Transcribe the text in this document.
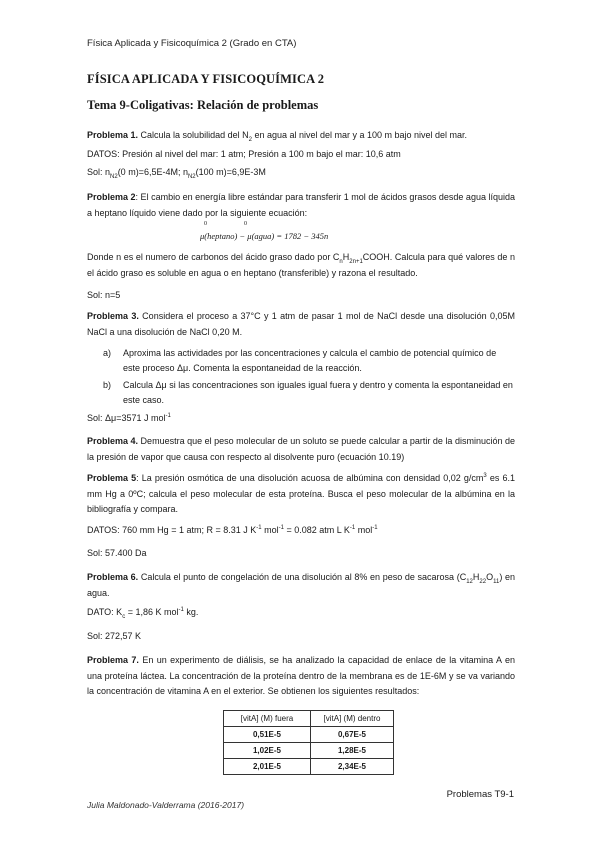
Física Aplicada y Fisicoquímica 2 (Grado en CTA)
FÍSICA APLICADA Y FISICOQUÍMICA 2
Tema 9-Coligativas: Relación de problemas
Problema 1. Calcula la solubilidad del $N_2$ en agua al nivel del mar y a 100 m bajo nivel del mar.
DATOS: Presión al nivel del mar: 1 atm; Presión a 100 m bajo el mar: 10,6 atm
Sol: $n_{N2}(0$ m)=6,5E-4M; $n_{N2}(100$ m)=6,9E-3M
Problema 2: El cambio en energía libre estándar para transferir 1 mol de ácidos grasos desde agua líquida a heptano líquido viene dado por la siguiente ecuación:
0	0
μ(heptano) − μ(agua) = 1782 − 345n
Donde n es el numero de carbonos del ácido graso dado por $C_nH_{2n+1}COOH$. Calcula para qué valores de n el ácido graso es soluble en agua o en heptano (transferible) y razona el resultado.
Sol: n=5
Problema 3. Considera el proceso a 37°C y 1 atm de pasar 1 mol de NaCl desde una disolución 0,05M NaCl a una disolución de NaCl 0,20 M.
a) Aproxima las actividades por las concentraciones y calcula el cambio de potencial químico de este proceso Δμ. Comenta la espontaneidad de la reacción.
b) Calcula Δμ si las concentraciones son iguales igual fuera y dentro y comenta la espontaneidad en este caso.
Sol: Δμ=3571 J mol$^{-1}$
Problema 4. Demuestra que el peso molecular de un soluto se puede calcular a partir de la disminución de la presión de vapor que causa con respecto al disolvente puro (ecuación 10.19)
Problema 5: La presión osmótica de una disolución acuosa de albúmina con densidad 0,02 $g/cm^3$ es 6.1 mm Hg a 0ºC; calcula el peso molecular de esta proteína. Busca el peso molecular de la albúmina en la bibliografía y compara.
DATOS: 760 mm Hg = 1 atm; R = 8.31 J $K^{-1}$ mol$^{-1}$ = 0.082 atm L $K^{-1}$ mol$^{-1}$
Sol: 57.400 Da
Problema 6. Calcula el punto de congelación de una disolución al 8% en peso de sacarosa $(C_{12}H_{22}O_{11})$ en agua.
DATO: $K_c = 1,86$ K mol$^{-1}$ kg.
Sol: 272,57 K
Problema 7. En un experimento de diálisis, se ha analizado la capacidad de enlace de la vitamina A en una proteína láctea. La concentración de la proteína dentro de la membrana es de 1E-6M y se va variando la concentración de vitamina A en el exterior. Se obtienen los siguientes resultados:
[vitA] (M) fuera	[vitA] (M) dentro
0,51E-5	0,67E-5
1,02E-5	1,28E-5
2,01E-5	2,34E-5
Problemas T9-1
Julia Maldonado-Valderrama (2016-2017)
